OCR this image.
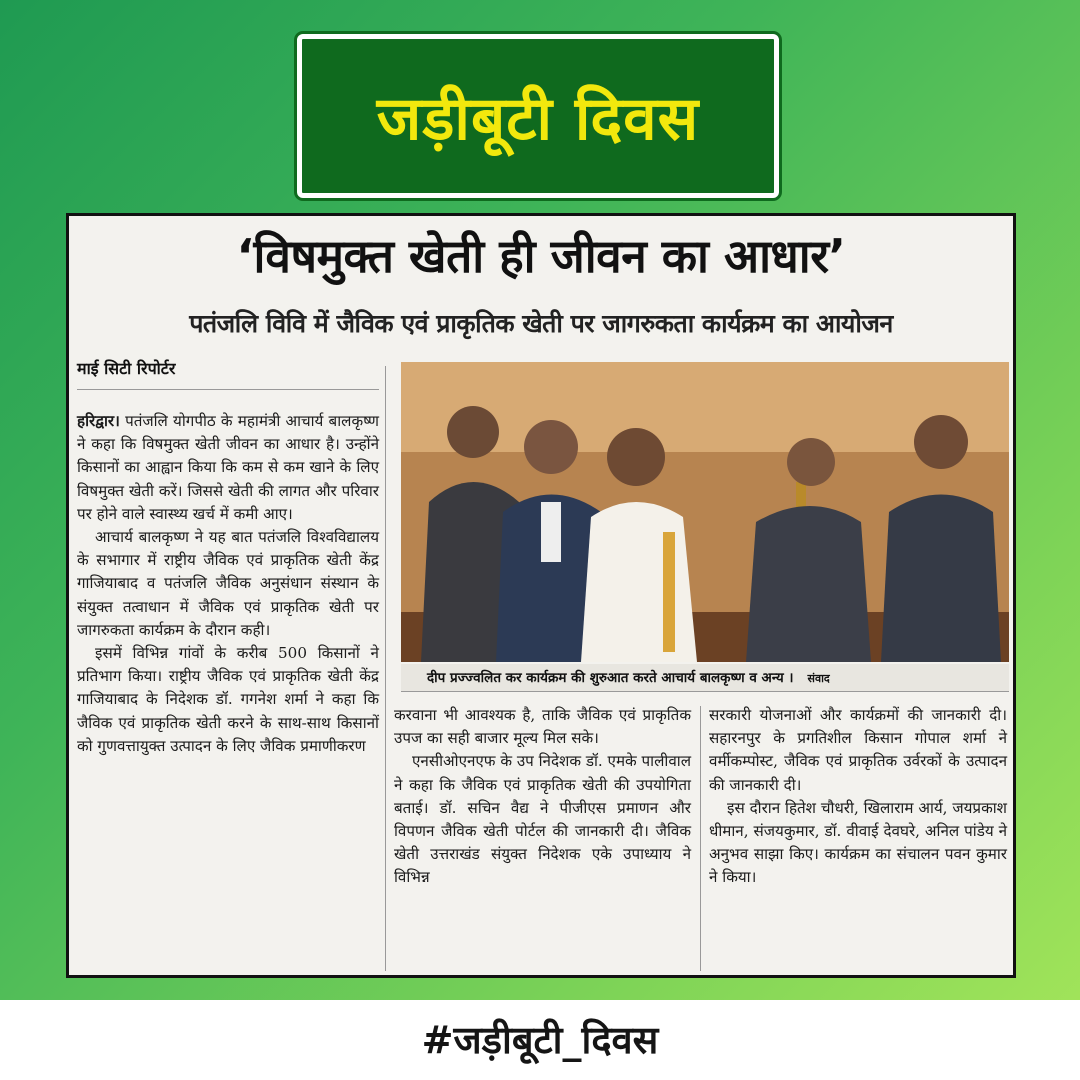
जड़ीबूटी दिवस
‘विषमुक्त खेती ही जीवन का आधार’
पतंजलि विवि में जैविक एवं प्राकृतिक खेती पर जागरुकता कार्यक्रम का आयोजन
माई सिटी रिपोर्टर

हरिद्वार। पतंजलि योगपीठ के महामंत्री आचार्य बालकृष्ण ने कहा कि विषमुक्त खेती जीवन का आधार है। उन्होंने किसानों का आह्वान किया कि कम से कम खाने के लिए विषमुक्त खेती करें। जिससे खेती की लागत और परिवार पर होने वाले स्वास्थ्य खर्च में कमी आए।

आचार्य बालकृष्ण ने यह बात पतंजलि विश्वविद्यालय के सभागार में राष्ट्रीय जैविक एवं प्राकृतिक खेती केंद्र गाजियाबाद व पतंजलि जैविक अनुसंधान संस्थान के संयुक्त तत्वाधान में जैविक एवं प्राकृतिक खेती पर जागरुकता कार्यक्रम के दौरान कही।

इसमें विभिन्न गांवों के करीब 500 किसानों ने प्रतिभाग किया। राष्ट्रीय जैविक एवं प्राकृतिक खेती केंद्र गाजियाबाद के निदेशक डॉ. गगनेश शर्मा ने कहा कि जैविक एवं प्राकृतिक खेती करने के साथ-साथ किसानों को गुणवत्तायुक्त उत्पादन के लिए जैविक प्रमाणीकरण

दीप प्रज्ज्वलित कर कार्यक्रम की शुरुआत करते आचार्य बालकृष्ण व अन्य । संवाद

करवाना भी आवश्यक है, ताकि जैविक एवं प्राकृतिक उपज का सही बाजार मूल्य मिल सके।

एनसीओएनएफ के उप निदेशक डॉ. एमके पालीवाल ने कहा कि जैविक एवं प्राकृतिक खेती की उपयोगिता बताई। डॉ. सचिन वैद्य ने पीजीएस प्रमाणन और विपणन जैविक खेती पोर्टल की जानकारी दी। जैविक खेती उत्तराखंड संयुक्त निदेशक एके उपाध्याय ने विभिन्न

सरकारी योजनाओं और कार्यक्रमों की जानकारी दी। सहारनपुर के प्रगतिशील किसान गोपाल शर्मा ने वर्मीकम्पोस्ट, जैविक एवं प्राकृतिक उर्वरकों के उत्पादन की जानकारी दी।

इस दौरान हितेश चौधरी, खिलाराम आर्य, जयप्रकाश धीमान, संजयकुमार, डॉ. वीवाई देवघरे, अनिल पांडेय ने अनुभव साझा किए। कार्यक्रम का संचालन पवन कुमार ने किया।

#जड़ीबूटी_दिवस
